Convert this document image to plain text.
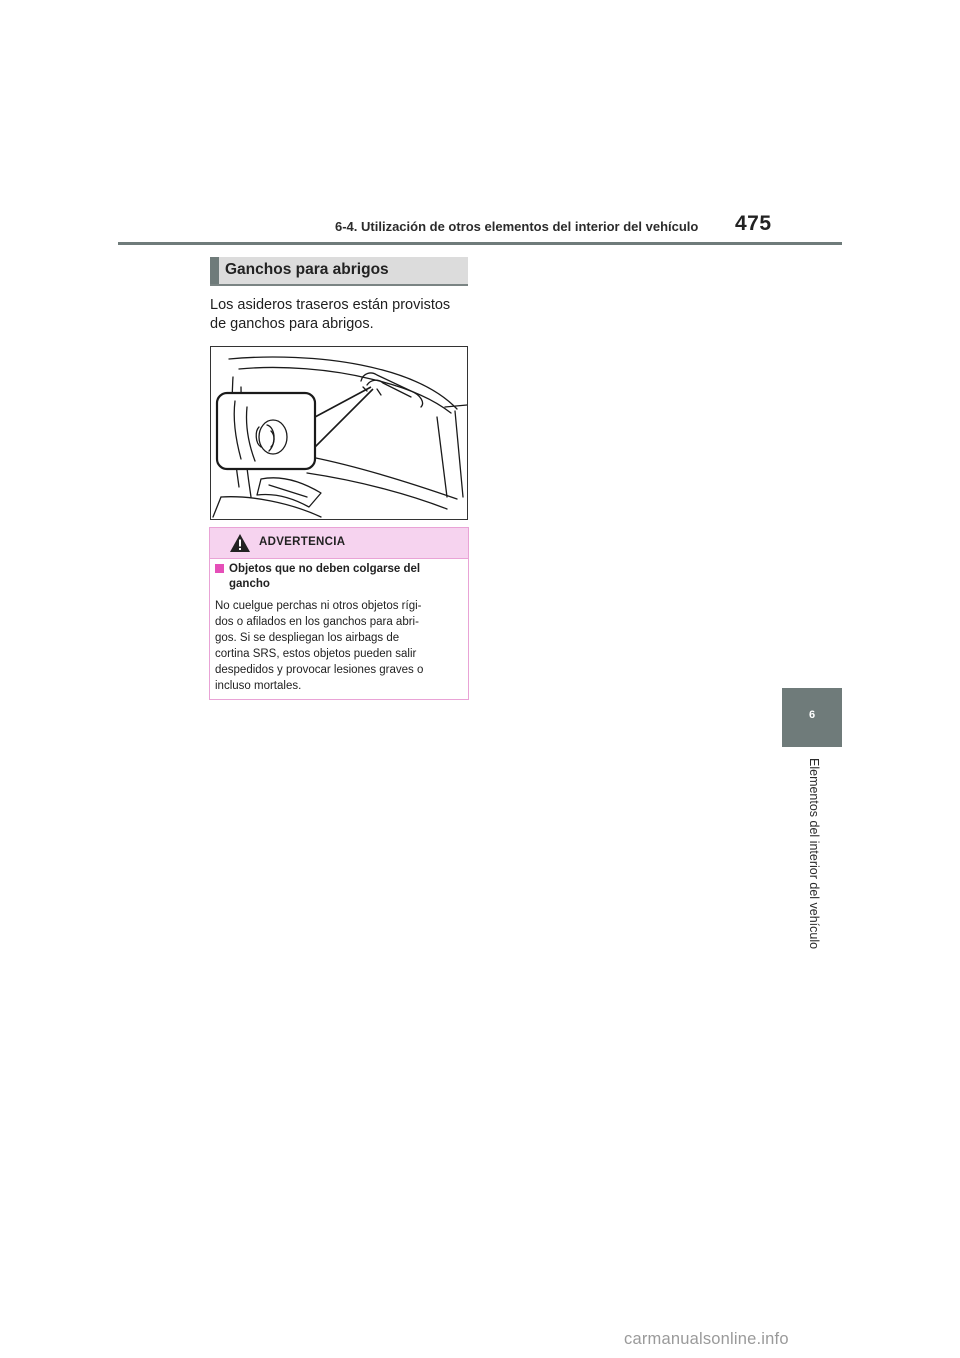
6-4. Utilización de otros elementos del interior del vehículo 475
Ganchos para abrigos
Los asideros traseros están provistos
de ganchos para abrigos.
ADVERTENCIA
Objetos que no deben colgarse del
gancho
No cuelgue perchas ni otros objetos rígi-
dos o afilados en los ganchos para abri-
gos. Si se despliegan los airbags de
cortina SRS, estos objetos pueden salir
despedidos y provocar lesiones graves o
incluso mortales.
6
Elementos del interior del vehículo
carmanualsonline.info
